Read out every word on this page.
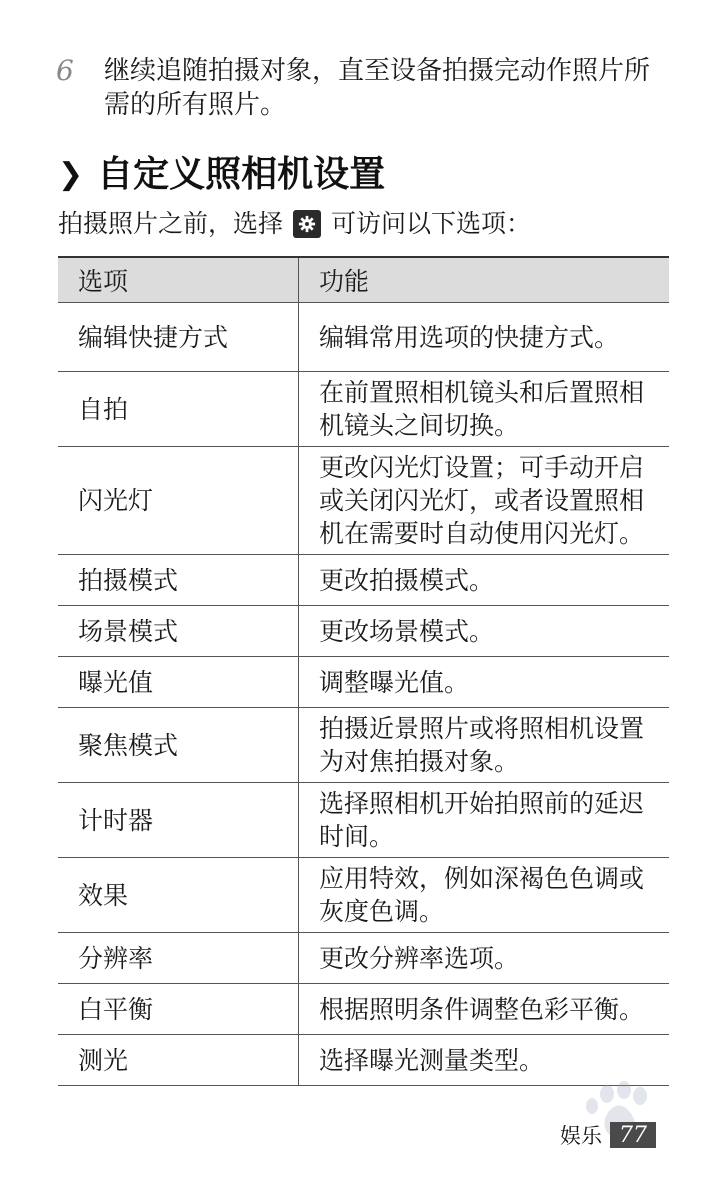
6 继续追随拍摄对象，直至设备拍摄完动作照片所需的所有照片。
❯ 自定义照相机设置
拍摄照片之前，选择 可访问以下选项：
选项	功能
编辑快捷方式	编辑常用选项的快捷方式。
自拍	在前置照相机镜头和后置照相机镜头之间切换。
闪光灯	更改闪光灯设置；可手动开启或关闭闪光灯，或者设置照相机在需要时自动使用闪光灯。
拍摄模式	更改拍摄模式。
场景模式	更改场景模式。
曝光值	调整曝光值。
聚焦模式	拍摄近景照片或将照相机设置为对焦拍摄对象。
计时器	选择照相机开始拍照前的延迟时间。
效果	应用特效，例如深褐色色调或灰度色调。
分辨率	更改分辨率选项。
白平衡	根据照明条件调整色彩平衡。
测光	选择曝光测量类型。
娱乐 77
